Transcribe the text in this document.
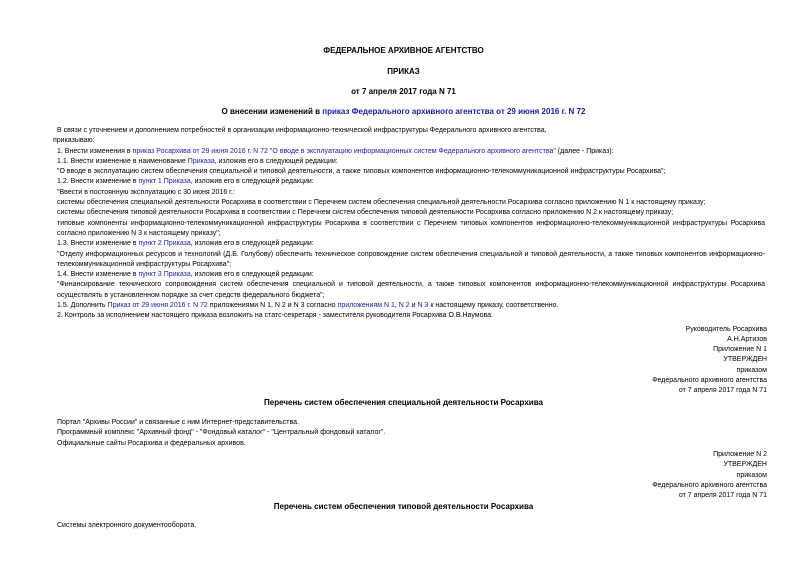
ФЕДЕРАЛЬНОЕ АРХИВНОЕ АГЕНТСТВО
ПРИКАЗ
от 7 апреля 2017 года N 71
О внесении изменений в приказ Федерального архивного агентства от 29 июня 2016 г. N 72
В связи с уточнением и дополнением потребностей в организации информационно-технической инфраструктуры Федерального архивного агентства,
приказываю:
1. Внести изменения в приказ Росархива от 29 июня 2016 г. N 72 "О вводе в эксплуатацию информационных систем Федерального архивного агентства" (далее - Приказ):
1.1. Внести изменение в наименование Приказа, изложив его в следующей редакции:
"О вводе в эксплуатацию систем обеспечения специальной и типовой деятельности, а также типовых компонентов информационно-телекоммуникационной инфраструктуры Росархива";
1.2. Внести изменение в пункт 1 Приказа, изложив его в следующей редакции:
"Ввести в постоянную эксплуатацию с 30 июня 2016 г.:
системы обеспечения специальной деятельности Росархива в соответствии с Перечнем систем обеспечения специальной деятельности Росархива согласно приложению N 1 к настоящему приказу;
системы обеспечения типовой деятельности Росархива в соответствии с Перечнем систем обеспечения типовой деятельности Росархива согласно приложению N 2 к настоящему приказу;
типовые компоненты информационно-телекоммуникационной инфраструктуры Росархива в соответствии с Перечнем типовых компонентов информационно-телекоммуникационной инфраструктуры Росархива согласно приложению N 3 к настоящему приказу";
1.3. Внести изменение в пункт 2 Приказа, изложив его в следующей редакции:
"Отделу информационных ресурсов и технологий (Д.Б. Голубову) обеспечить техническое сопровождение систем обеспечения специальной и типовой деятельности, а также типовых компонентов информационно-телекоммуникационной инфраструктуры Росархива";
1.4. Внести изменение в пункт 3 Приказа, изложив его в следующей редакции:
"Финансирование технического сопровождения систем обеспечения специальной и типовой деятельности, а также типовых компонентов информационно-телекоммуникационной инфраструктуры Росархива осуществлять в установленном порядке за счет средств федерального бюджета";
1.5. Дополнить Приказ от 29 июня 2016 г. N 72 приложениями N 1, N 2 и N 3 согласно приложениям N 1, N 2 и N 3 к настоящему приказу, соответственно.
2. Контроль за исполнением настоящего приказа возложить на статс-секретаря - заместителя руководителя Росархива О.В.Наумова.
Руководитель Росархива
А.Н.Артизов
Приложение N 1
УТВЕРЖДЕН
приказом
Федерального архивного агентства
от 7 апреля 2017 года N 71
Перечень систем обеспечения специальной деятельности Росархива
Портал "Архивы России" и связанные с ним Интернет-представительства.
Программный комплекс "Архивный фонд" - "Фондовый каталог" - "Центральный фондовый каталог".
Официальные сайты Росархива и федеральных архивов.
Приложение N 2
УТВЕРЖДЕН
приказом
Федерального архивного агентства
от 7 апреля 2017 года N 71
Перечень систем обеспечения типовой деятельности Росархива
Системы электронного документооборота.
